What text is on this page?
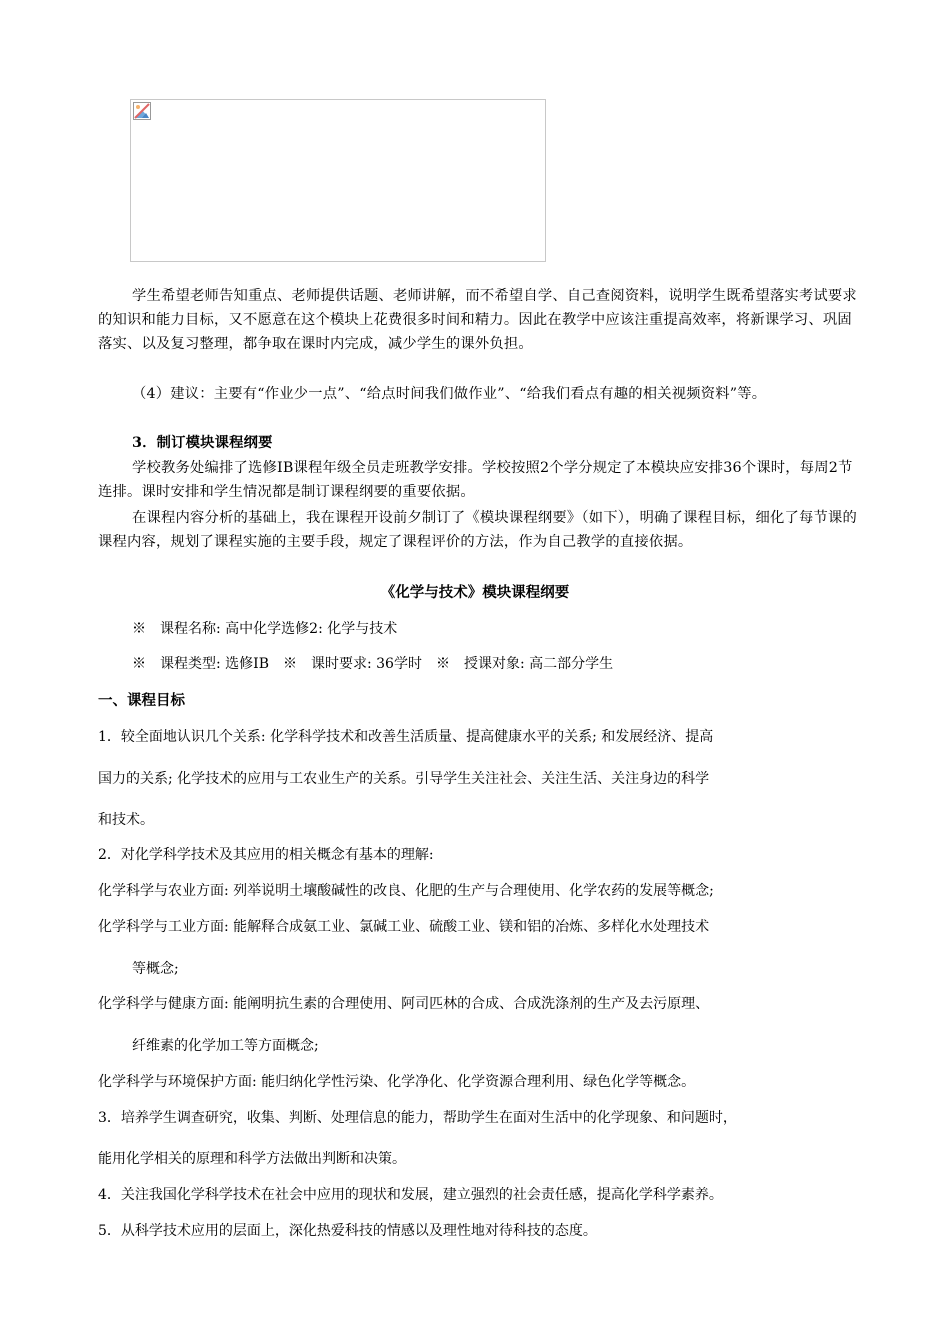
学生希望老师告知重点、老师提供话题、老师讲解，而不希望自学、自己查阅资料，说明学生既希望落实考试要求的知识和能力目标，又不愿意在这个模块上花费很多时间和精力。因此在教学中应该注重提高效率，将新课学习、巩固落实、以及复习整理，都争取在课时内完成，减少学生的课外负担。
（4）建议：主要有“作业少一点”、“给点时间我们做作业”、“给我们看点有趣的相关视频资料”等。
3．制订模块课程纲要
学校教务处编排了选修ⅠB课程年级全员走班教学安排。学校按照2个学分规定了本模块应安排36个课时，每周2节连排。课时安排和学生情况都是制订课程纲要的重要依据。
在课程内容分析的基础上，我在课程开设前夕制订了《模块课程纲要》（如下），明确了课程目标，细化了每节课的课程内容，规划了课程实施的主要手段，规定了课程评价的方法，作为自己教学的直接依据。
《化学与技术》模块课程纲要
※　课程名称: 高中化学选修2: 化学与技术
※　课程类型: 选修ⅠB　※　课时要求: 36学时　※　授课对象: 高二部分学生
一、课程目标
1．较全面地认识几个关系: 化学科学技术和改善生活质量、提高健康水平的关系; 和发展经济、提高
国力的关系; 化学技术的应用与工农业生产的关系。引导学生关注社会、关注生活、关注身边的科学
和技术。
2．对化学科学技术及其应用的相关概念有基本的理解:
化学科学与农业方面: 列举说明土壤酸碱性的改良、化肥的生产与合理使用、化学农药的发展等概念;
化学科学与工业方面: 能解释合成氨工业、氯碱工业、硫酸工业、镁和铝的冶炼、多样化水处理技术
等概念;
化学科学与健康方面: 能阐明抗生素的合理使用、阿司匹林的合成、合成洗涤剂的生产及去污原理、
纤维素的化学加工等方面概念;
化学科学与环境保护方面: 能归纳化学性污染、化学净化、化学资源合理利用、绿色化学等概念。
3．培养学生调查研究，收集、判断、处理信息的能力，帮助学生在面对生活中的化学现象、和问题时，
能用化学相关的原理和科学方法做出判断和决策。
4．关注我国化学科学技术在社会中应用的现状和发展，建立强烈的社会责任感，提高化学科学素养。
5．从科学技术应用的层面上，深化热爱科技的情感以及理性地对待科技的态度。
